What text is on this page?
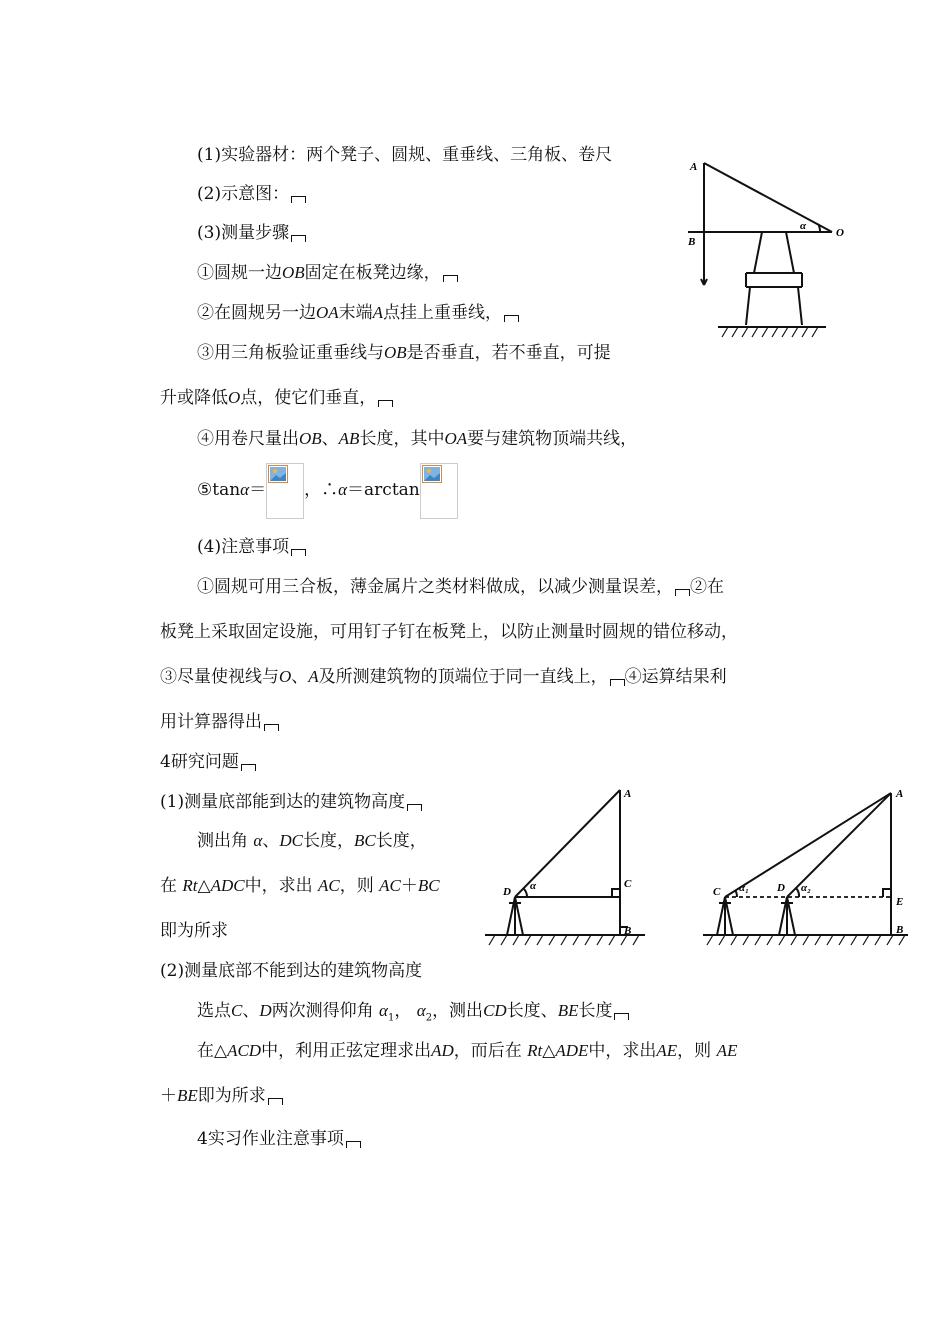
(1)实验器材：两个凳子、圆规、重垂线、三角板、卷尺
(2)示意图：
(3)测量步骤
①圆规一边OB固定在板凳边缘，
②在圆规另一边OA末端A点挂上重垂线，
③用三角板验证重垂线与OB是否垂直，若不垂直，可提
升或降低O点，使它们垂直，
④用卷尺量出OB、AB长度，其中OA要与建筑物顶端共线，
⑤tanα＝ ，∴α＝arctan
(4)注意事项
①圆规可用三合板，薄金属片之类材料做成，以减少测量误差， ②在
板凳上采取固定设施，可用钉子钉在板凳上，以防止测量时圆规的错位移动，
③尽量使视线与O、A及所测建筑物的顶端位于同一直线上， ④运算结果利
用计算器得出
4研究问题
(1)测量底部能到达的建筑物高度
测出角 α、DC长度，BC长度，
在 Rt△ADC中，求出 AC，则 AC＋BC
即为所求
(2)测量底部不能到达的建筑物高度
选点C、D两次测得仰角 $\alpha_1$， $\alpha_2$，测出CD长度、BE长度
在△ACD中，利用正弦定理求出AD，而后在 Rt△ADE中，求出AE，则 AE
＋BE即为所求
4实习作业注意事项
A
B
O
α
A
C
B
D α
A
E
B
C	D
α₁	α₂
